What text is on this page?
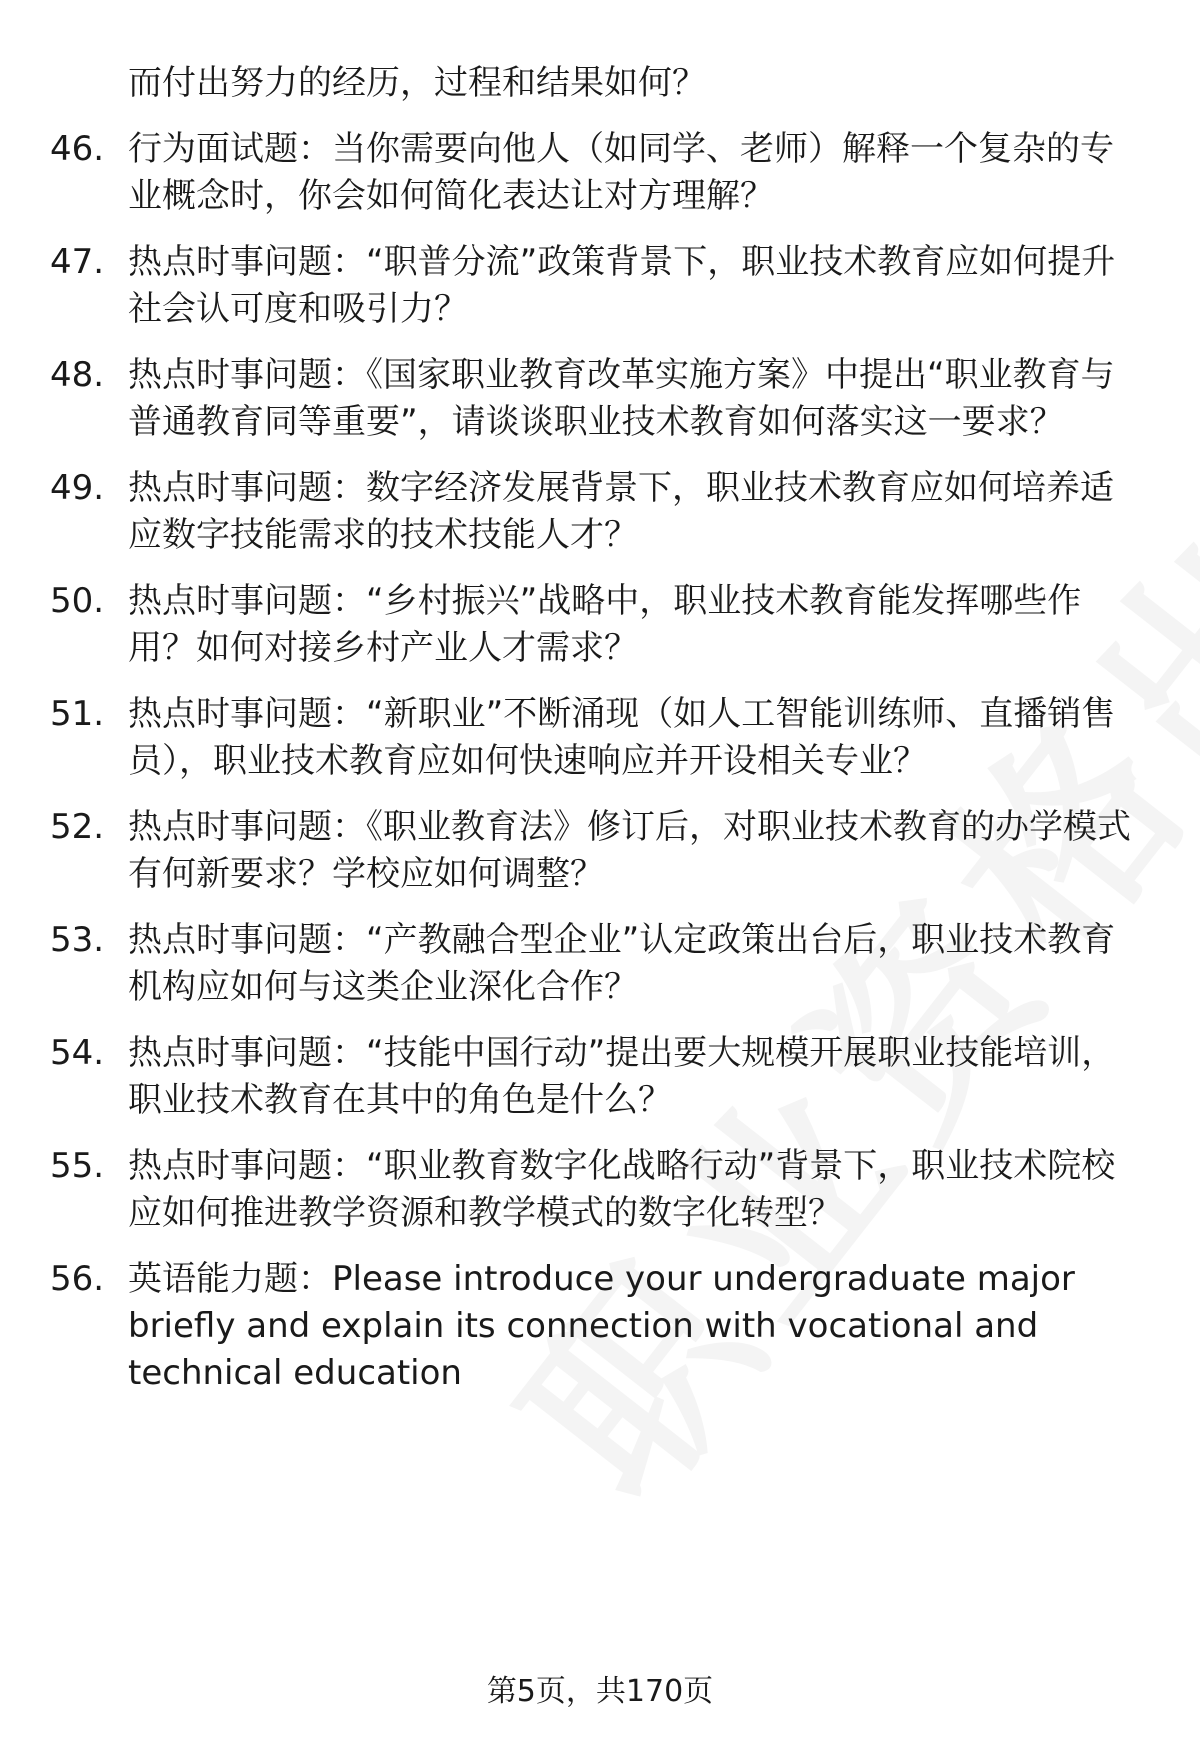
而付出努力的经历，过程和结果如何？
46. 行为面试题：当你需要向他人（如同学、老师）解释一个复杂的专业概念时，你会如何简化表达让对方理解？
47. 热点时事问题：“职普分流”政策背景下，职业技术教育应如何提升社会认可度和吸引力？
48. 热点时事问题：《国家职业教育改革实施方案》中提出“职业教育与普通教育同等重要”，请谈谈职业技术教育如何落实这一要求？
49. 热点时事问题：数字经济发展背景下，职业技术教育应如何培养适应数字技能需求的技术技能人才？
50. 热点时事问题：“乡村振兴”战略中，职业技术教育能发挥哪些作用？如何对接乡村产业人才需求？
51. 热点时事问题：“新职业”不断涌现（如人工智能训练师、直播销售员），职业技术教育应如何快速响应并开设相关专业？
52. 热点时事问题：《职业教育法》修订后，对职业技术教育的办学模式有何新要求？学校应如何调整？
53. 热点时事问题：“产教融合型企业”认定政策出台后，职业技术教育机构应如何与这类企业深化合作？
54. 热点时事问题：“技能中国行动”提出要大规模开展职业技能培训，职业技术教育在其中的角色是什么？
55. 热点时事问题：“职业教育数字化战略行动”背景下，职业技术院校应如何推进教学资源和教学模式的数字化转型？
56. 英语能力题：Please introduce your undergraduate major briefly and explain its connection with vocational and technical education
第5页，共170页
